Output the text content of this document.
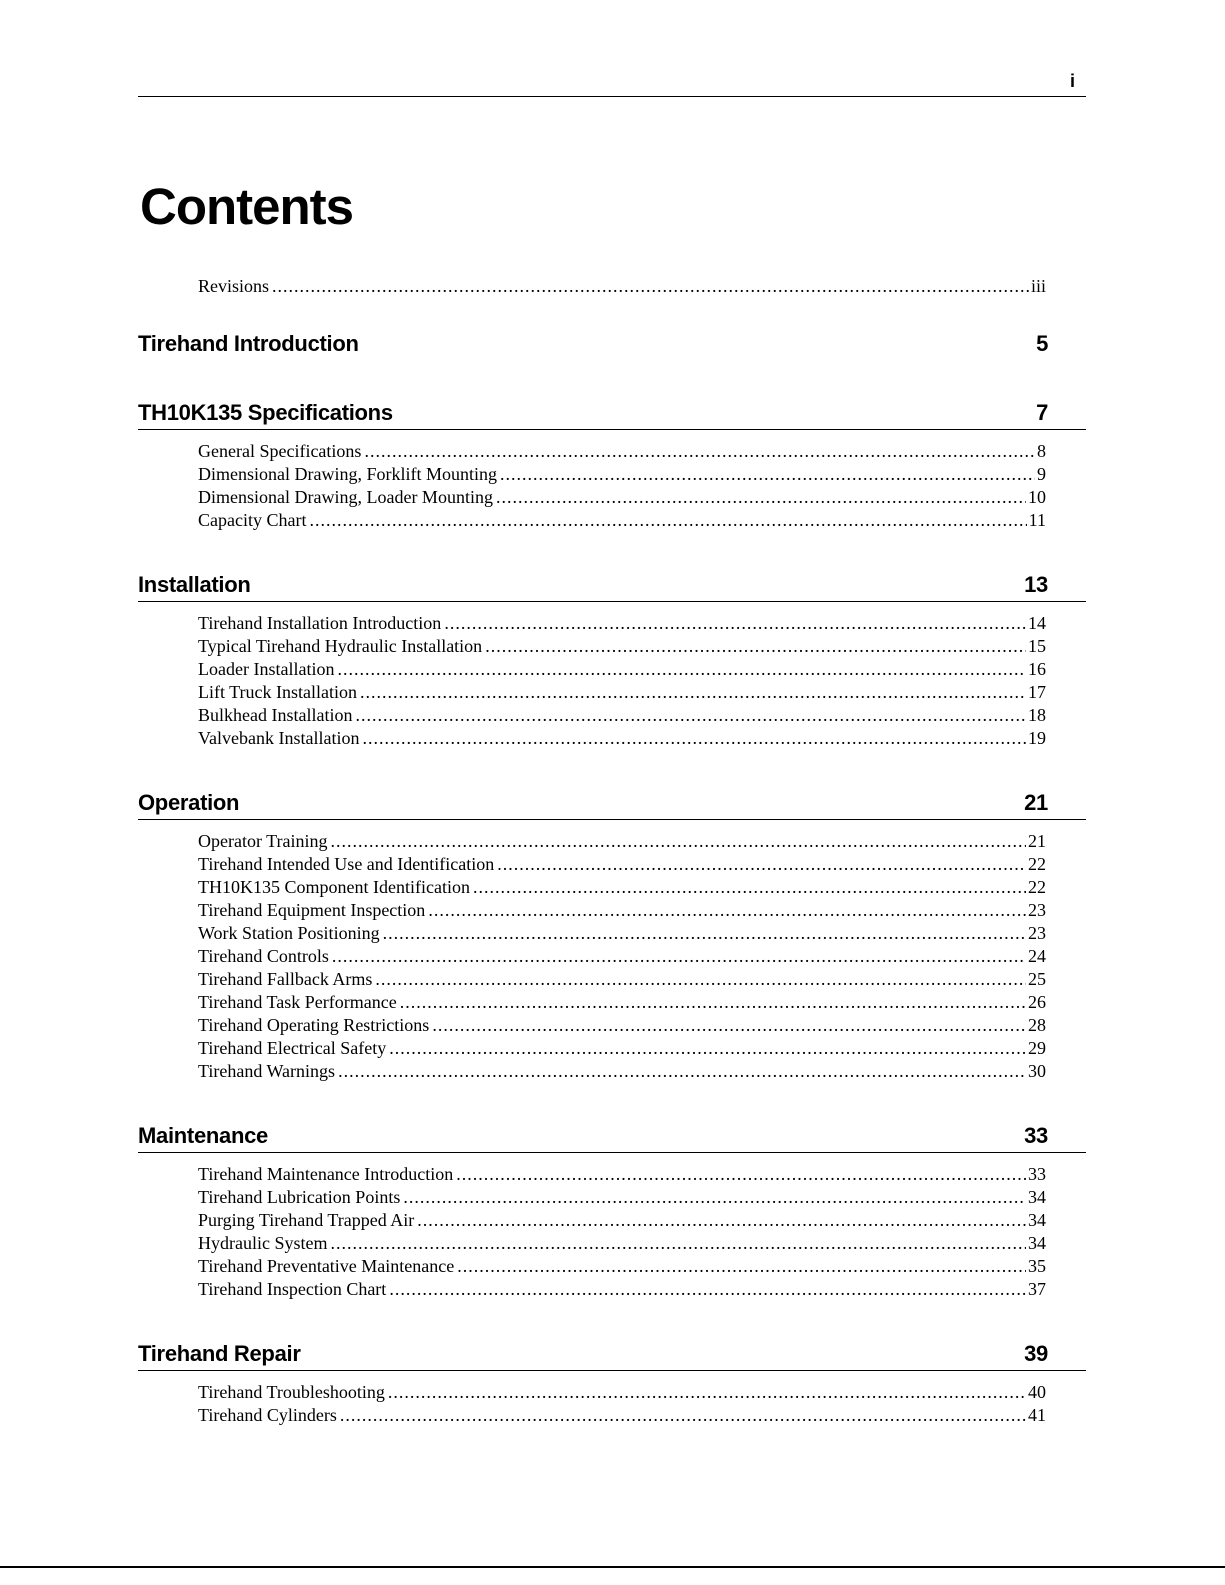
i
Contents
Revisions .....	iii
Tirehand Introduction	5
TH10K135 Specifications	7
General Specifications .....	8
Dimensional Drawing, Forklift Mounting .....	9
Dimensional Drawing, Loader Mounting .....	10
Capacity Chart .....	11
Installation	13
Tirehand Installation Introduction .....	14
Typical Tirehand Hydraulic Installation .....	15
Loader Installation .....	16
Lift Truck Installation .....	17
Bulkhead Installation .....	18
Valvebank Installation .....	19
Operation	21
Operator Training .....	21
Tirehand Intended Use and Identification .....	22
TH10K135 Component Identification .....	22
Tirehand Equipment Inspection .....	23
Work Station Positioning .....	23
Tirehand Controls .....	24
Tirehand Fallback Arms .....	25
Tirehand Task Performance .....	26
Tirehand Operating Restrictions .....	28
Tirehand Electrical Safety .....	29
Tirehand Warnings .....	30
Maintenance	33
Tirehand Maintenance Introduction .....	33
Tirehand Lubrication Points .....	34
Purging Tirehand Trapped Air .....	34
Hydraulic System .....	34
Tirehand Preventative Maintenance .....	35
Tirehand Inspection Chart .....	37
Tirehand Repair	39
Tirehand Troubleshooting .....	40
Tirehand Cylinders .....	41
